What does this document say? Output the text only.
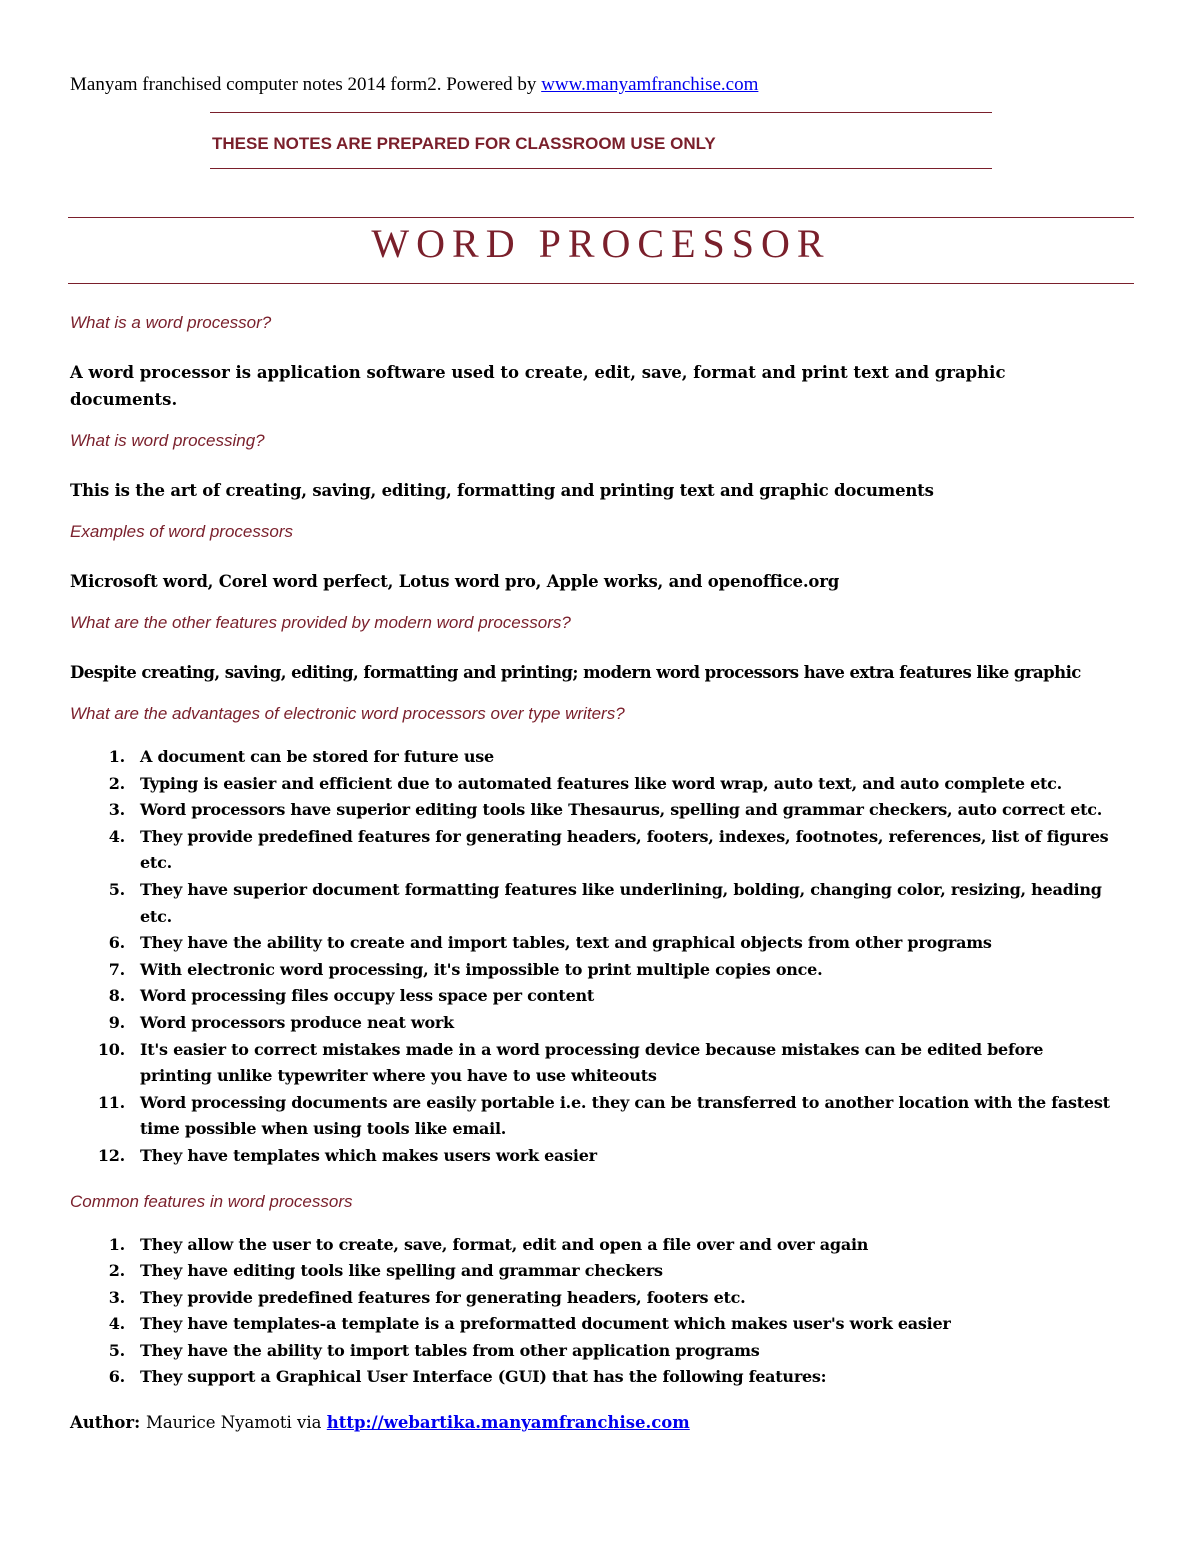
Manyam franchised computer notes 2014 form2. Powered by www.manyamfranchise.com
THESE NOTES ARE PREPARED FOR CLASSROOM USE ONLY
WORD PROCESSOR

What is a word processor?

A word processor is application software used to create, edit, save, format and print text and graphic documents.

What is word processing?

This is the art of creating, saving, editing, formatting and printing text and graphic documents

Examples of word processors

Microsoft word, Corel word perfect, Lotus word pro, Apple works, and openoffice.org

What are the other features provided by modern word processors?

Despite creating, saving, editing, formatting and printing; modern word processors have extra features like graphic

What are the advantages of electronic word processors over type writers?

1. A document can be stored for future use
2. Typing is easier and efficient due to automated features like word wrap, auto text, and auto complete etc.
3. Word processors have superior editing tools like Thesaurus, spelling and grammar checkers, auto correct etc.
4. They provide predefined features for generating headers, footers, indexes, footnotes, references, list of figures etc.
5. They have superior document formatting features like underlining, bolding, changing color, resizing, heading etc.
6. They have the ability to create and import tables, text and graphical objects from other programs
7. With electronic word processing, it's impossible to print multiple copies once.
8. Word processing files occupy less space per content
9. Word processors produce neat work
10. It's easier to correct mistakes made in a word processing device because mistakes can be edited before printing unlike typewriter where you have to use whiteouts
11. Word processing documents are easily portable i.e. they can be transferred to another location with the fastest time possible when using tools like email.
12. They have templates which makes users work easier

Common features in word processors

1. They allow the user to create, save, format, edit and open a file over and over again
2. They have editing tools like spelling and grammar checkers
3. They provide predefined features for generating headers, footers etc.
4. They have templates-a template is a preformatted document which makes user's work easier
5. They have the ability to import tables from other application programs
6. They support a Graphical User Interface (GUI) that has the following features:
Author: Maurice Nyamoti via http://webartika.manyamfranchise.com
